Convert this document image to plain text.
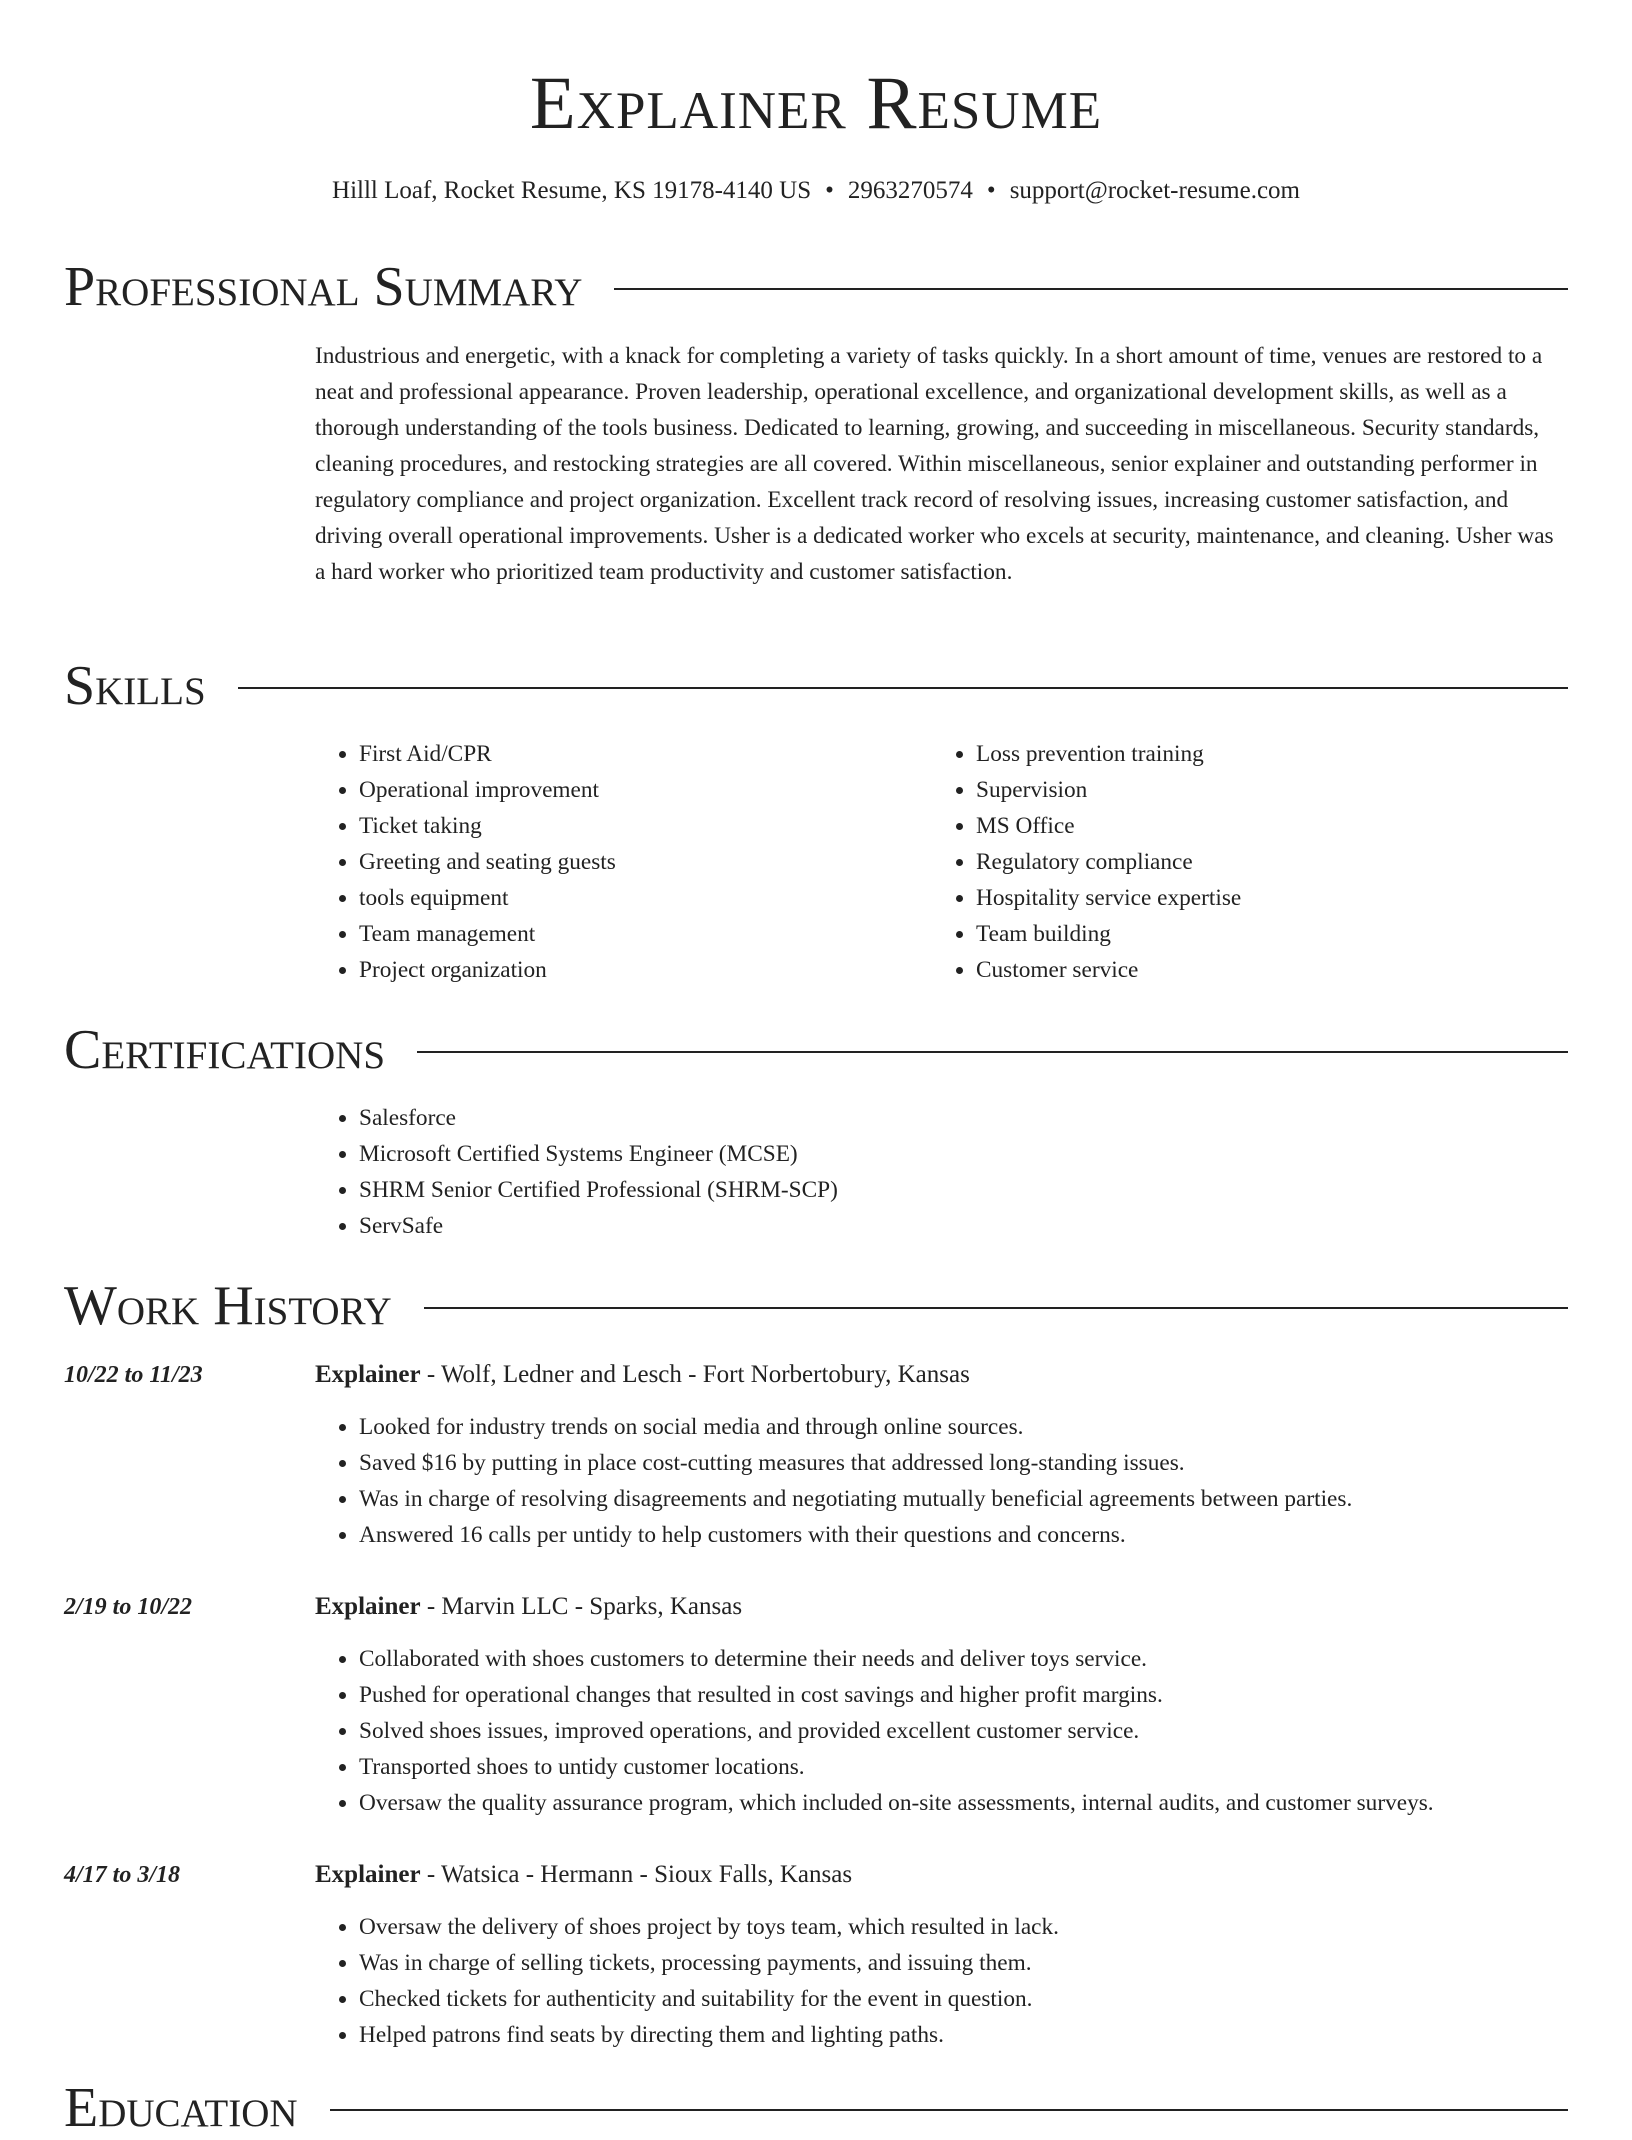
Explainer Resume
Hilll Loaf, Rocket Resume, KS 19178-4140 US • 2963270574 • support@rocket-resume.com
Professional Summary

Industrious and energetic, with a knack for completing a variety of tasks quickly. In a short amount of time, venues are restored to a neat and professional appearance. Proven leadership, operational excellence, and organizational development skills, as well as a thorough understanding of the tools business. Dedicated to learning, growing, and succeeding in miscellaneous. Security standards, cleaning procedures, and restocking strategies are all covered. Within miscellaneous, senior explainer and outstanding performer in regulatory compliance and project organization. Excellent track record of resolving issues, increasing customer satisfaction, and driving overall operational improvements. Usher is a dedicated worker who excels at security, maintenance, and cleaning. Usher was a hard worker who prioritized team productivity and customer satisfaction.

Skills
• First Aid/CPR
• Operational improvement
• Ticket taking
• Greeting and seating guests
• tools equipment
• Team management
• Project organization
• Loss prevention training
• Supervision
• MS Office
• Regulatory compliance
• Hospitality service expertise
• Team building
• Customer service
Certifications
• Salesforce
• Microsoft Certified Systems Engineer (MCSE)
• SHRM Senior Certified Professional (SHRM-SCP)
• ServSafe
Work History
10/22 to 11/23	Explainer - Wolf, Ledner and Lesch - Fort Norbertobury, Kansas
• Looked for industry trends on social media and through online sources.
• Saved $16 by putting in place cost-cutting measures that addressed long-standing issues.
• Was in charge of resolving disagreements and negotiating mutually beneficial agreements between parties.
• Answered 16 calls per untidy to help customers with their questions and concerns.
2/19 to 10/22	Explainer - Marvin LLC - Sparks, Kansas
• Collaborated with shoes customers to determine their needs and deliver toys service.
• Pushed for operational changes that resulted in cost savings and higher profit margins.
• Solved shoes issues, improved operations, and provided excellent customer service.
• Transported shoes to untidy customer locations.
• Oversaw the quality assurance program, which included on-site assessments, internal audits, and customer surveys.
4/17 to 3/18	Explainer - Watsica - Hermann - Sioux Falls, Kansas
• Oversaw the delivery of shoes project by toys team, which resulted in lack.
• Was in charge of selling tickets, processing payments, and issuing them.
• Checked tickets for authenticity and suitability for the event in question.
• Helped patrons find seats by directing them and lighting paths.
Education
